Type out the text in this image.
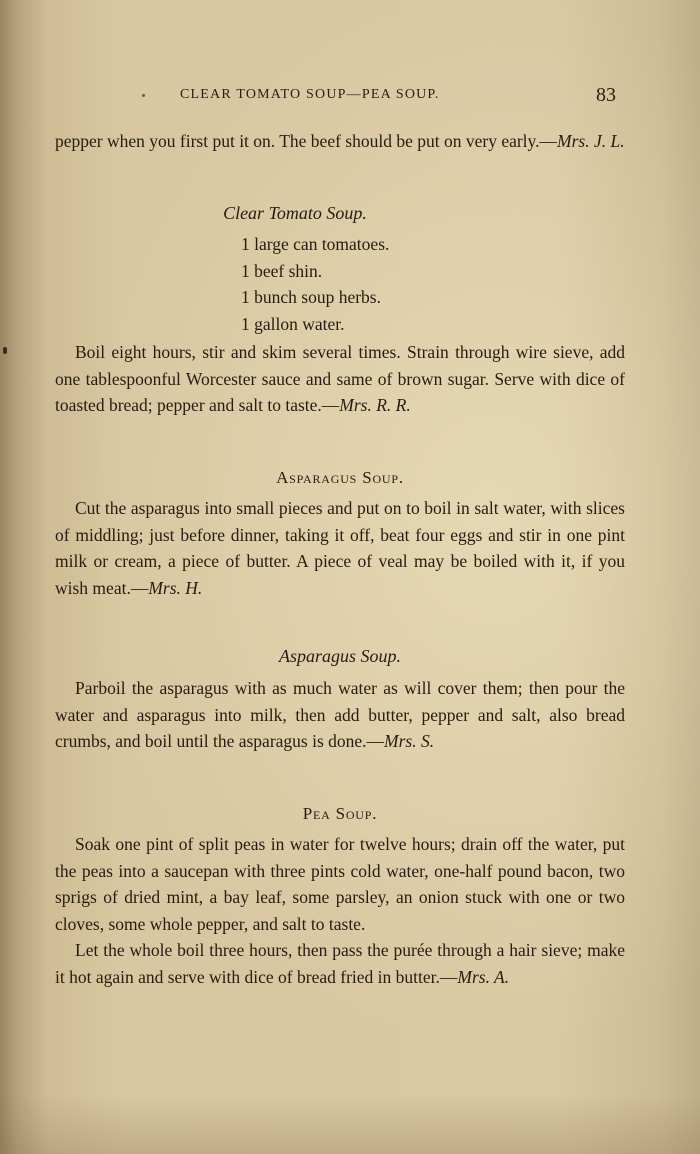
CLEAR TOMATO SOUP—PEA SOUP.	83

pepper when you first put it on. The beef should be put on very early.—Mrs. J. L.

Clear Tomato Soup.

1 large can tomatoes.
1 beef shin.
1 bunch soup herbs.
1 gallon water.

Boil eight hours, stir and skim several times. Strain through wire sieve, add one tablespoonful Worcester sauce and same of brown sugar. Serve with dice of toasted bread; pepper and salt to taste.—Mrs. R. R.

Asparagus Soup.

Cut the asparagus into small pieces and put on to boil in salt water, with slices of middling; just before dinner, taking it off, beat four eggs and stir in one pint milk or cream, a piece of butter. A piece of veal may be boiled with it, if you wish meat.—Mrs. H.

Asparagus Soup.

Parboil the asparagus with as much water as will cover them; then pour the water and asparagus into milk, then add butter, pepper and salt, also bread crumbs, and boil until the asparagus is done.—Mrs. S.

Pea Soup.

Soak one pint of split peas in water for twelve hours; drain off the water, put the peas into a saucepan with three pints cold water, one-half pound bacon, two sprigs of dried mint, a bay leaf, some parsley, an onion stuck with one or two cloves, some whole pepper, and salt to taste.

Let the whole boil three hours, then pass the purée through a hair sieve; make it hot again and serve with dice of bread fried in butter.—Mrs. A.
